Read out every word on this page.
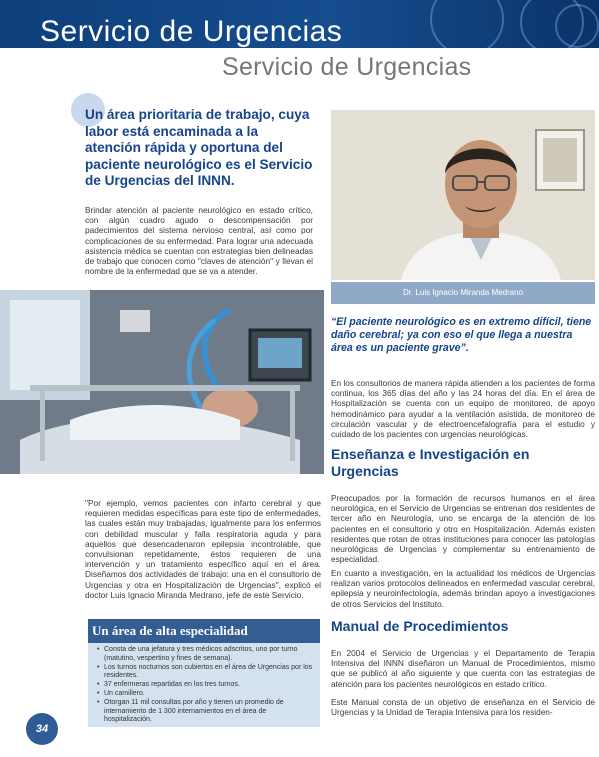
Servicio de Urgencias
Servicio de Urgencias

Un área prioritaria de trabajo, cuya labor está encaminada a la atención rápida y oportuna del paciente neurológico es el Servicio de Urgencias del INNN.

Brindar atención al paciente neurológico en estado crítico, con algún cuadro agudo o descompensación por padecimientos del sistema nervioso central, así como por complicaciones de su enfermedad. Para lograr una adecuada asistencia médica se cuentan con estrategias bien delineadas de trabajo que conocen como "claves de atención" y llevan el nombre de la enfermedad que se va a atender.

Dr. Luis Ignacio Miranda Medrano

“El paciente neurológico es en extremo difícil, tiene daño cerebral; ya con eso el que llega a nuestra área es un paciente grave”.

"Por ejemplo, vemos pacientes con infarto cerebral y que requieren medidas específicas para este tipo de enfermedades, las cuales están muy trabajadas, igualmente para los enfermos con debilidad muscular y falla respiratoria aguda y para aquellos que desencadenaron epilepsia incontrolable, que convulsionan repetidamente, éstos requieren de una intervención y un tratamiento específico aquí en el área. Diseñamos dos actividades de trabajo: una en el consultorio de Urgencias y otra en Hospitalización de Urgencias", explicó el doctor Luis Ignacio Miranda Medrano, jefe de este Servicio.

En los consultorios de manera rápida atienden a los pacientes de forma continua, los 365 días del año y las 24 horas del día. En el área de Hospitalización se cuenta con un equipo de monitoreo, de apoyo hemodinámico para ayudar a la ventilación asistida, de monitoreo de circulación vascular y de electroencefalografía para el estudio y cuidado de los pacientes con urgencias neurológicas.

Enseñanza e Investigación en Urgencias

Preocupados por la formación de recursos humanos en el área neurológica, en el Servicio de Urgencias se entrenan dos residentes de tercer año en Neurología, uno se encarga de la atención de los pacientes en el consultorio y otro en Hospitalización. Además existen residentes que rotan de otras instituciones para conocer las patologías neurológicas de Urgencias y complementar su entrenamiento de especialidad.

En cuanto a investigación, en la actualidad los médicos de Urgencias realizan varios protocolos delineados en enfermedad vascular cerebral, epilepsia y neuroinfectología, además brindan apoyo a investigaciones de otros Servicios del Instituto.

Manual de Procedimientos

En 2004 el Servicio de Urgencias y el Departamento de Terapia Intensiva del INNN diseñaron un Manual de Procedimientos, mismo que se publicó al año siguiente y que cuenta con las estrategias de atención para los pacientes neurológicos en estado crítico.

Este Manual consta de un objetivo de enseñanza en el Servicio de Urgencias y la Unidad de Terapia Intensiva para los residen-

Un área de alta especialidad
• Consta de una jefatura y tres médicos adscritos, uno por turno (matutino, vespertino y fines de semana).
• Los turnos nocturnos son cubiertos en el área de Urgencias por los residentes.
• 37 enfermeras repartidas en los tres turnos.
• Un camillero.
• Otorgan 11 mil consultas por año y tienen un promedio de internamiento de 1 300 internamientos en el área de hospitalización.
34
